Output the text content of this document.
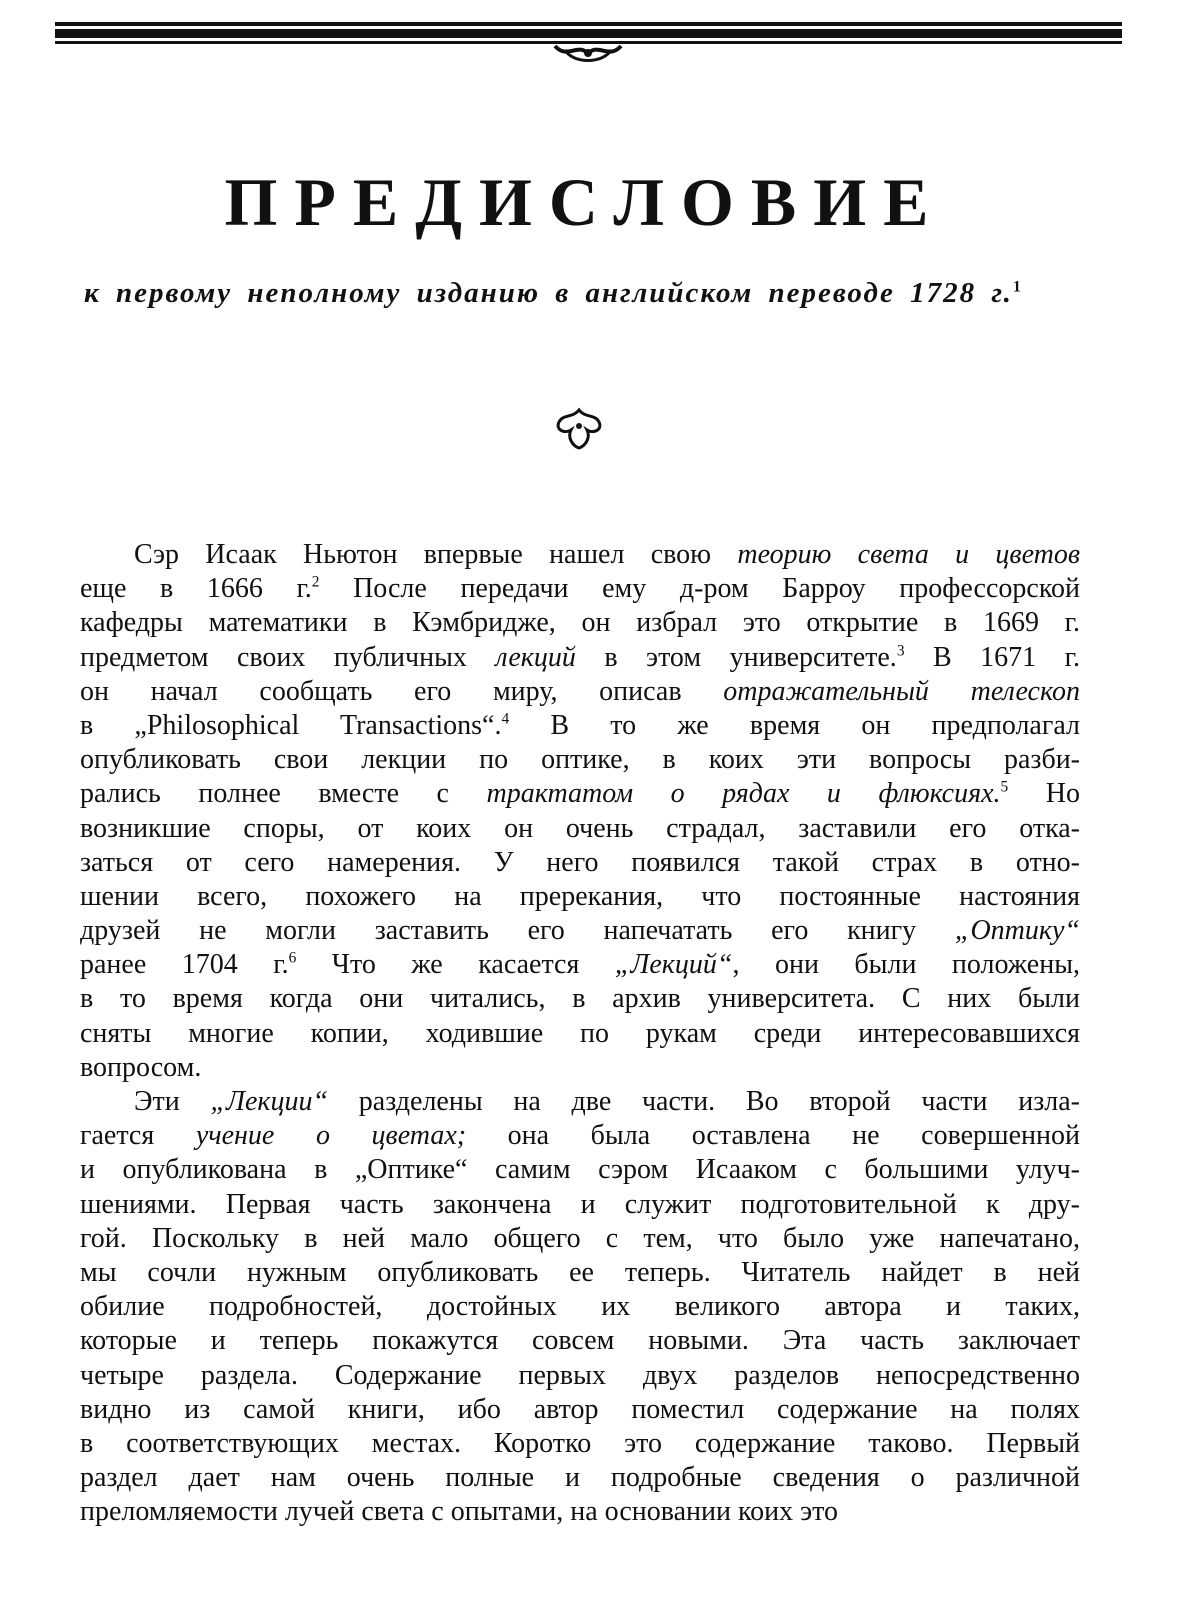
ПРЕДИСЛОВИЕ
к первому неполному изданию в английском переводе 1728 г.$^1$
Сэр Исаак Ньютон впервые нашел свою теорию света и цветов
еще в 1666 г.$^2$ После передачи ему д-ром Барроу профессорской
кафедры математики в Кэмбридже, он избрал это открытие в 1669 г.
предметом своих публичных лекций в этом университете.$^3$ В 1671 г.
он начал сообщать его миру, описав отражательный телескоп
в „Philosophical Transactions“.$^4$ В то же время он предполагал
опубликовать свои лекции по оптике, в коих эти вопросы разби-
рались полнее вместе с трактатом о рядах и флюксиях.$^5$ Но
возникшие споры, от коих он очень страдал, заставили его отка-
заться от сего намерения. У него появился такой страх в отно-
шении всего, похожего на пререкания, что постоянные настояния
друзей не могли заставить его напечатать его книгу „Оптику“
ранее 1704 г.$^6$ Что же касается „Лекций“, они были положены,
в то время когда они читались, в архив университета. С них были
сняты многие копии, ходившие по рукам среди интересовавшихся
вопросом.
Эти „Лекции“ разделены на две части. Во второй части изла-
гается учение о цветах; она была оставлена не совершенной
и опубликована в „Оптике“ самим сэром Исааком с большими улуч-
шениями. Первая часть закончена и служит подготовительной к дру-
гой. Поскольку в ней мало общего с тем, что было уже напечатано,
мы сочли нужным опубликовать ее теперь. Читатель найдет в ней
обилие подробностей, достойных их великого автора и таких,
которые и теперь покажутся совсем новыми. Эта часть заключает
четыре раздела. Содержание первых двух разделов непосредственно
видно из самой книги, ибо автор поместил содержание на полях
в соответствующих местах. Коротко это содержание таково. Первый
раздел дает нам очень полные и подробные сведения о различной
преломляемости лучей света с опытами, на основании коих это
